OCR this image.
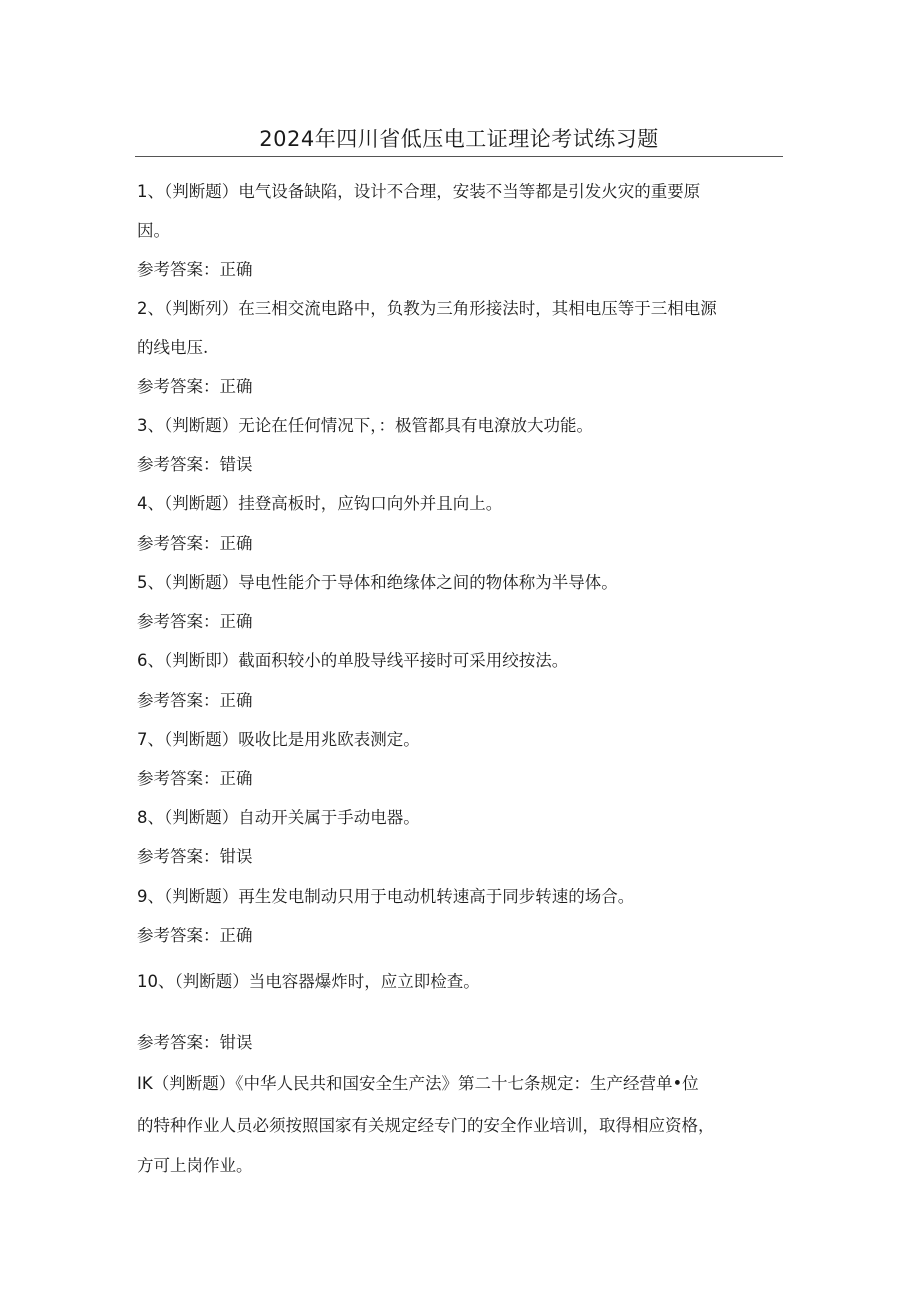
2024年四川省低压电工证理论考试练习题
1、（判断题）电气设备缺陷，设计不合理，安装不当等都是引发火灾的重要原
因。
参考答案：正确
2、（判断列）在三相交流电路中，负教为三角形接法时，其相电压等于三相电源
的线电压.
参考答案：正确
3、（判断题）无论在任何情况下，：极管都具有电潦放大功能。
参考答案：错误
4、（判断题）挂登高板时，应钩口向外并且向上。
参考答案：正确
5、（判断题）导电性能介于导体和绝缘体之间的物体称为半导体。
参考答案：正确
6、（判断即）截面积较小的单股导线平接时可采用绞按法。
参考答案：正确
7、（判断题）吸收比是用兆欧表测定。
参考答案：正确
8、（判断题）自动开关属于手动电器。
参考答案：钳误
9、（判断题）再生发电制动只用于电动机转速高于同步转速的场合。
参考答案：正确
10、（判断题）当电容器爆炸时，应立即检查。
参考答案：钳误
IK（判断题）《中华人民共和国安全生产法》第二十七条规定：生产经营单•位
的特种作业人员必须按照国家有关规定经专门的安全作业培训，取得相应资格，
方可上岗作业。
